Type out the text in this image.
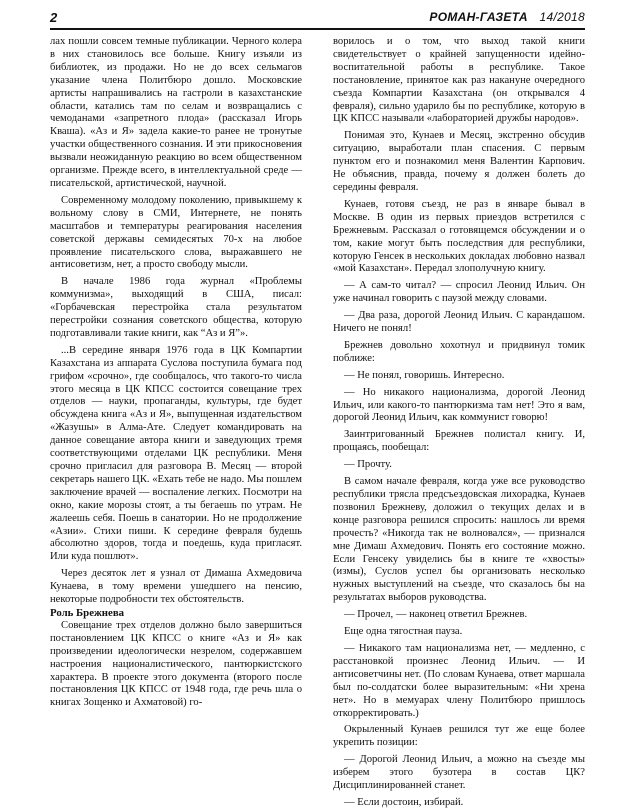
2	РОМАН-ГАЗЕТА 14/2018

лах пошли совсем темные публикации. Черного колера в них становилось все больше. Книгу изъяли из библиотек, из продажи. Но не до всех сельмагов указание члена Политбюро дошло. Московские артисты напрашивались на гастроли в казахстанские области, катались там по селам и возвращались с чемоданами «запретного плода» (рассказал Игорь Кваша). «Аз и Я» задела какие-то ранее не тронутые участки общественного сознания. И эти прикосновения вызвали неожиданную реакцию во всем общественном организме. Прежде всего, в интеллектуальной среде — писательской, артистической, научной.

Современному молодому поколению, привыкшему к вольному слову в СМИ, Интернете, не понять масштабов и температуры реагирования населения советской державы семидесятых 70-х на любое проявление писательского слова, выражавшего не антисоветизм, нет, а просто свободу мысли.

В начале 1986 года журнал «Проблемы коммунизма», выходящий в США, писал: «Горбачевская перестройка стала результатом перестройки сознания советского общества, которую подготавливали такие книги, как “Аз и Я”».

...В середине января 1976 года в ЦК Компартии Казахстана из аппарата Суслова поступила бумага под грифом «срочно», где сообщалось, что такого-то числа этого месяца в ЦК КПСС состоится совещание трех отделов — науки, пропаганды, культуры, где будет обсуждена книга «Аз и Я», выпущенная издательством «Жазушы» в Алма-Ате. Следует командировать на данное совещание автора книги и заведующих тремя соответствующими отделами ЦК республики. Меня срочно пригласил для разговора В. Месяц — второй секретарь нашего ЦК. «Ехать тебе не надо. Мы пошлем заключение врачей — воспаление легких. Посмотри на окно, какие морозы стоят, а ты бегаешь по утрам. Не жалеешь себя. Поешь в санатории. Но не продолжение «Азии». Стихи пиши. К середине февраля будешь абсолютно здоров, тогда и поедешь, куда пригласят. Или куда пошлют».

Через десяток лет я узнал от Димаша Ахмедовича Кунаева, в тому времени ушедшего на пенсию, некоторые подробности тех обстоятельств.

Роль Брежнева

Совещание трех отделов должно было завершиться постановлением ЦК КПСС о книге «Аз и Я» как произведении идеологически незрелом, содержавшем настроения националистического, пантюркистского характера. В проекте этого документа (второго после постановления ЦК КПСС от 1948 года, где речь шла о книгах Зощенко и Ахматовой) го-

ворилось и о том, что выход такой книги свидетельствует о крайней запущенности идейно-воспитательной работы в республике. Такое постановление, принятое как раз накануне очередного съезда Компартии Казахстана (он открывался 4 февраля), сильно ударило бы по республике, которую в ЦК КПСС называли «лабораторией дружбы народов».

Понимая это, Кунаев и Месяц, экстренно обсудив ситуацию, выработали план спасения. С первым пунктом его и познакомил меня Валентин Карпович. Не объяснив, правда, почему я должен болеть до середины февраля.

Кунаев, готовя съезд, не раз в январе бывал в Москве. В один из первых приездов встретился с Брежневым. Рассказал о готовящемся обсуждении и о том, какие могут быть последствия для республики, которую Генсек в нескольких докладах любовно назвал «мой Казахстан». Передал злополучную книгу.

— А сам-то читал? — спросил Леонид Ильич. Он уже начинал говорить с паузой между словами.

— Два раза, дорогой Леонид Ильич. С карандашом. Ничего не понял!

Брежнев довольно хохотнул и придвинул томик поближе:

— Не понял, говоришь. Интересно.

— Но никакого национализма, дорогой Леонид Ильич, или какого-то пантюркизма там нет! Это я вам, дорогой Леонид Ильич, как коммунист говорю!

Заинтригованный Брежнев полистал книгу. И, прощаясь, пообещал:

— Прочту.

В самом начале февраля, когда уже все руководство республики трясла предсъездовская лихорадка, Кунаев позвонил Брежневу, доложил о текущих делах и в конце разговора решился спросить: нашлось ли время прочесть? «Никогда так не волновался», — признался мне Димаш Ахмедович. Понять его состояние можно. Если Генсеку увиделись бы в книге те «хвосты» (измы), Суслов успел бы организовать несколько нужных выступлений на съезде, что сказалось бы на результатах выборов руководства.

— Прочел, — наконец ответил Брежнев.

Еще одна тягостная пауза.

— Никакого там национализма нет, — медленно, с расстановкой произнес Леонид Ильич. — И антисоветчины нет. (По словам Кунаева, ответ маршала был по-солдатски более выразительным: «Ни хрена нет». Но в мемуарах члену Политбюро пришлось откорректировать.)

Окрыленный Кунаев решился тут же еще более укрепить позиции:

— Дорогой Леонид Ильич, а можно на съезде мы изберем этого бузотера в состав ЦК? Дисциплинированней станет.

— Если достоин, избирай.
